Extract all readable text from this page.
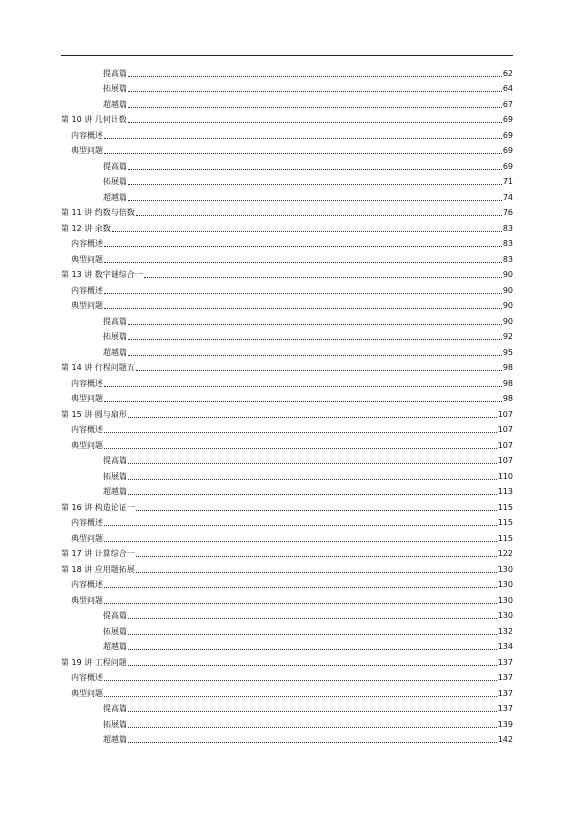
提高篇	62
拓展篇	64
超越篇	67
第 10 讲 几何计数	69
内容概述	69
典型问题	69
提高篇	69
拓展篇	71
超越篇	74
第 11 讲 约数与倍数	76
第 12 讲 余数	83
内容概述	83
典型问题	83
第 13 讲 数字谜综合一	90
内容概述	90
典型问题	90
提高篇	90
拓展篇	92
超越篇	95
第 14 讲 行程问题五	98
内容概述	98
典型问题	98
第 15 讲 圆与扇形	107
内容概述	107
典型问题	107
提高篇	107
拓展篇	110
超越篇	113
第 16 讲 构造论证一	115
内容概述	115
典型问题	115
第 17 讲 计算综合一	122
第 18 讲 应用题拓展	130
内容概述	130
典型问题	130
提高篇	130
拓展篇	132
超越篇	134
第 19 讲 工程问题	137
内容概述	137
典型问题	137
提高篇	137
拓展篇	139
超越篇	142
